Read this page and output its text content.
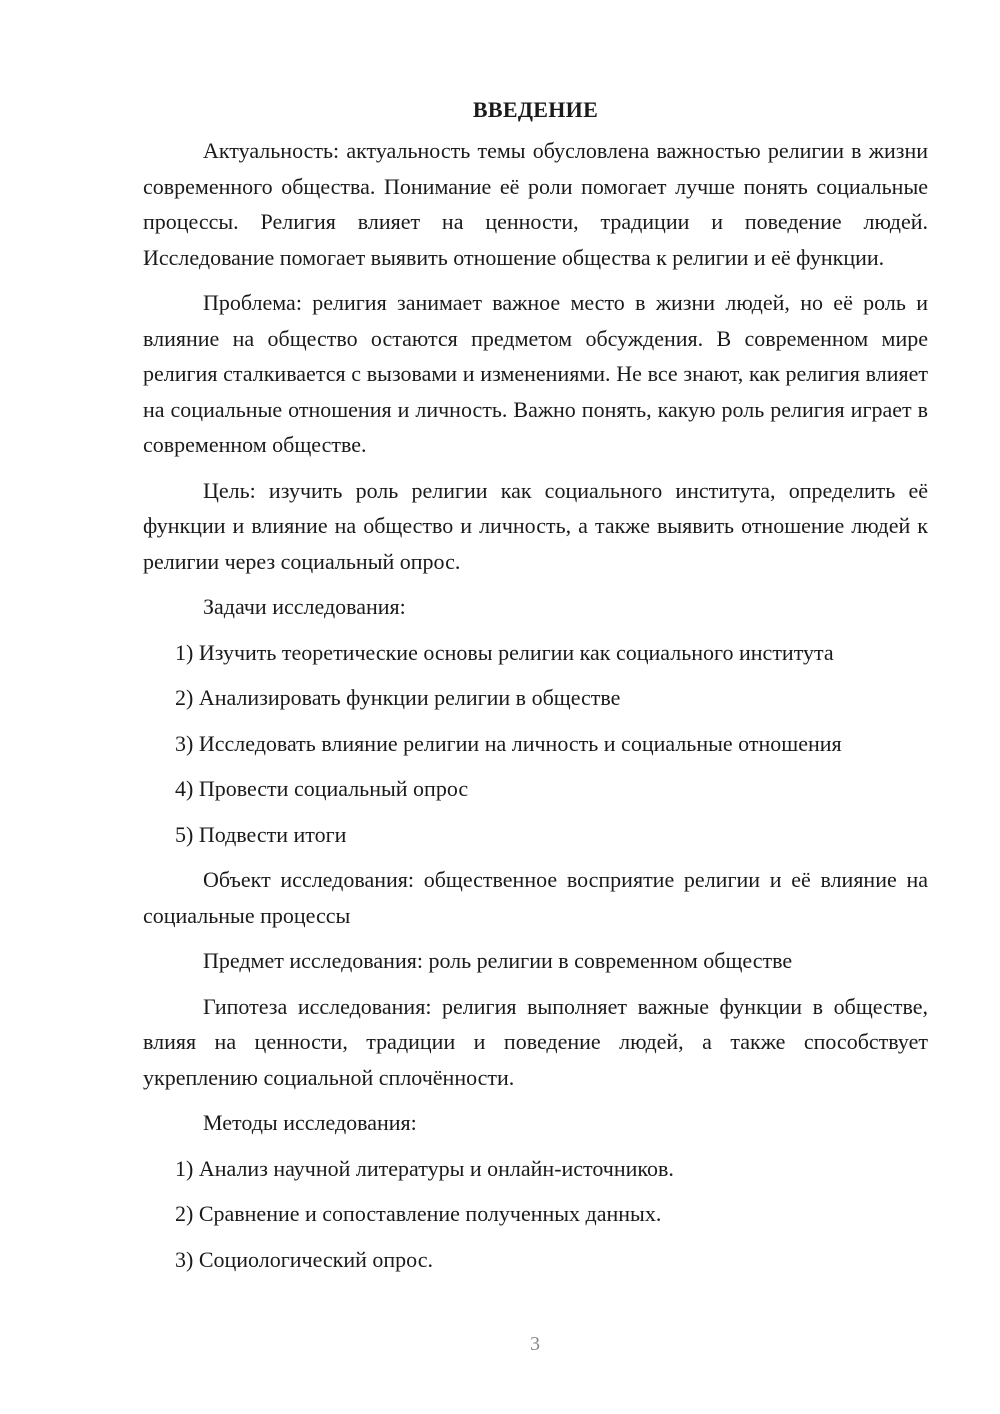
ВВЕДЕНИЕ

Актуальность: актуальность темы обусловлена важностью религии в жизни современного общества. Понимание её роли помогает лучше понять социальные процессы. Религия влияет на ценности, традиции и поведение людей. Исследование помогает выявить отношение общества к религии и её функции.

Проблема: религия занимает важное место в жизни людей, но её роль и влияние на общество остаются предметом обсуждения. В современном мире религия сталкивается с вызовами и изменениями. Не все знают, как религия влияет на социальные отношения и личность. Важно понять, какую роль религия играет в современном обществе.

Цель: изучить роль религии как социального института, определить её функции и влияние на общество и личность, а также выявить отношение людей к религии через социальный опрос.

Задачи исследования:

1) Изучить теоретические основы религии как социального института
2) Анализировать функции религии в обществе
3) Исследовать влияние религии на личность и социальные отношения
4) Провести социальный опрос
5) Подвести итоги

Объект исследования: общественное восприятие религии и её влияние на социальные процессы

Предмет исследования: роль религии в современном обществе

Гипотеза исследования: религия выполняет важные функции в обществе, влияя на ценности, традиции и поведение людей, а также способствует укреплению социальной сплочённости.

Методы исследования:

1) Анализ научной литературы и онлайн-источников.
2) Сравнение и сопоставление полученных данных.
3) Социологический опрос.
3
